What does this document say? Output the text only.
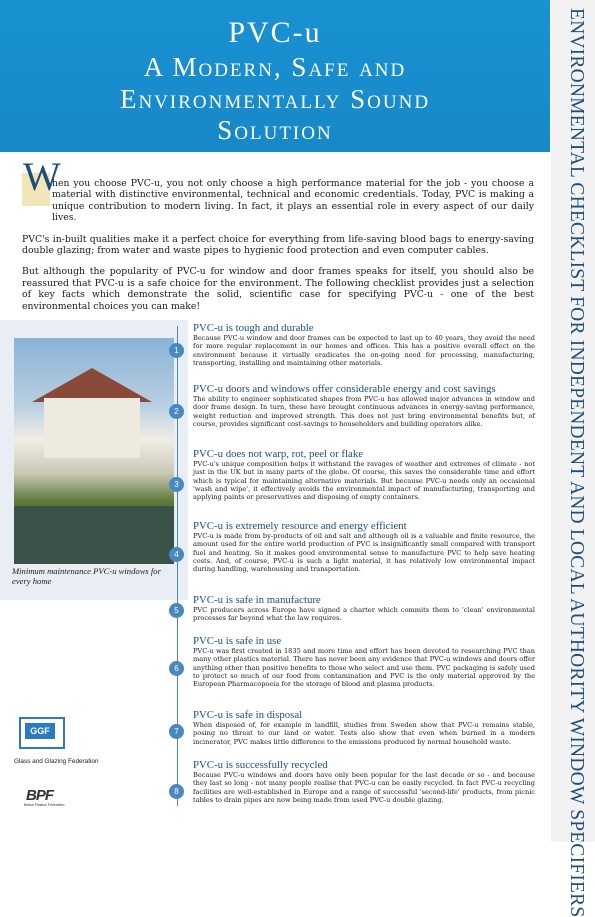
PVC-u
A Modern, Safe and
Environmentally Sound
Solution	ENVIRONMENTAL CHECKLIST FOR INDEPENDENT AND LOCAL AUTHORITY WINDOW SPECIFIERS
W

hen you choose PVC-u, you not only choose a high performance material for the job - you choose a material with distinctive environmental, technical and economic credentials. Today, PVC is making a unique contribution to modern living. In fact, it plays an essential role in every aspect of our daily lives.

PVC's in-built qualities make it a perfect choice for everything from life-saving blood bags to energy-saving double glazing; from water and waste pipes to hygienic food protection and even computer cables.

But although the popularity of PVC-u for window and door frames speaks for itself, you should also be reassured that PVC-u is a safe choice for the environment. The following checklist provides just a selection of key facts which demonstrate the solid, scientific case for specifying PVC-u - one of the best environmental choices you can make!

Minimum maintenance PVC-u windows for every home
1
2
3
4
5
6
7
8
PVC-u is tough and durable

Because PVC-u window and door frames can be expected to last up to 40 years, they avoid the need for more regular replacement in our homes and offices. This has a positive overall effect on the environment because it virtually eradicates the on-going need for processing, manufacturing, transporting, installing and maintaining other materials.

PVC-u doors and windows offer considerable energy and cost savings

The ability to engineer sophisticated shapes from PVC-u has allowed major advances in window and door frame design. In turn, these have brought continuous advances in energy-saving performance, weight reduction and improved strength. This does not just bring environmental benefits but, of course, provides significant cost-savings to householders and building operators alike.

PVC-u does not warp, rot, peel or flake

PVC-u's unique composition helps it withstand the ravages of weather and extremes of climate - not just in the UK but in many parts of the globe. Of course, this saves the considerable time and effort which is typical for maintaining alternative materials. But because PVC-u needs only an occasional 'wash and wipe', it effectively avoids the environmental impact of manufacturing, transporting and applying paints or preservatives and disposing of empty containers.

PVC-u is extremely resource and energy efficient

PVC-u is made from by-products of oil and salt and although oil is a valuable and finite resource, the amount used for the entire world production of PVC is insignificantly small compared with transport fuel and heating. So it makes good environmental sense to manufacture PVC to help save heating costs. And, of course, PVC-u is such a light material, it has relatively low environmental impact during handling, warehousing and transportation.

PVC-u is safe in manufacture

PVC producers across Europe have signed a charter which commits them to 'clean' environmental processes far beyond what the law requires.

PVC-u is safe in use

PVC-u was first created in 1835 and more time and effort has been devoted to researching PVC than many other plastics material. There has never been any evidence that PVC-u windows and doors offer anything other than positive benefits to those who select and use them. PVC packaging is safely used to protect so much of our food from contamination and PVC is the only material approved by the European Pharmacopoeia for the storage of blood and plasma products.

PVC-u is safe in disposal

When disposed of, for example in landfill, studies from Sweden show that PVC-u remains stable, posing no threat to our land or water. Tests also show that even when burned in a modern incinerator, PVC makes little difference to the emissions produced by normal household waste.

PVC-u is successfully recycled

Because PVC-u windows and doors have only been popular for the last decade or so - and because they last so long - not many people realise that PVC-u can be easily recycled. In fact PVC-u recycling facilities are well-established in Europe and a range of successful 'second-life' products, from picnic tables to drain pipes are now being made from used PVC-u double glazing.

GGF
Glass and Glazing Federation
BPF
British Plastics Federation
